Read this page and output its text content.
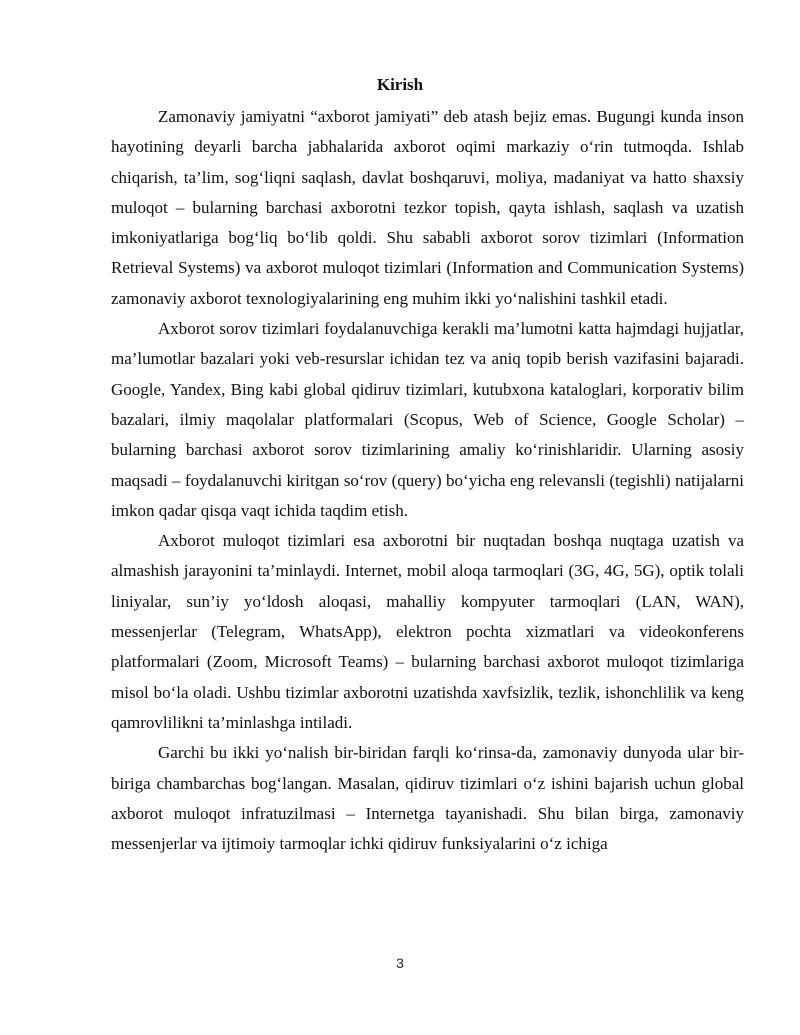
Kirish

Zamonaviy jamiyatni “axborot jamiyati” deb atash bejiz emas. Bugungi kunda inson hayotining deyarli barcha jabhalarida axborot oqimi markaziy o‘rin tutmoqda. Ishlab chiqarish, ta’lim, sog‘liqni saqlash, davlat boshqaruvi, moliya, madaniyat va hatto shaxsiy muloqot – bularning barchasi axborotni tezkor topish, qayta ishlash, saqlash va uzatish imkoniyatlariga bog‘liq bo‘lib qoldi. Shu sababli axborot sorov tizimlari (Information Retrieval Systems) va axborot muloqot tizimlari (Information and Communication Systems) zamonaviy axborot texnologiyalarining eng muhim ikki yo‘nalishini tashkil etadi.

Axborot sorov tizimlari foydalanuvchiga kerakli ma’lumotni katta hajmdagi hujjatlar, ma’lumotlar bazalari yoki veb-resurslar ichidan tez va aniq topib berish vazifasini bajaradi. Google, Yandex, Bing kabi global qidiruv tizimlari, kutubxona kataloglari, korporativ bilim bazalari, ilmiy maqolalar platformalari (Scopus, Web of Science, Google Scholar) – bularning barchasi axborot sorov tizimlarining amaliy ko‘rinishlaridir. Ularning asosiy maqsadi – foydalanuvchi kiritgan so‘rov (query) bo‘yicha eng relevansli (tegishli) natijalarni imkon qadar qisqa vaqt ichida taqdim etish.

Axborot muloqot tizimlari esa axborotni bir nuqtadan boshqa nuqtaga uzatish va almashish jarayonini ta’minlaydi. Internet, mobil aloqa tarmoqlari (3G, 4G, 5G), optik tolali liniyalar, sun’iy yo‘ldosh aloqasi, mahalliy kompyuter tarmoqlari (LAN, WAN), messenjerlar (Telegram, WhatsApp), elektron pochta xizmatlari va videokonferens platformalari (Zoom, Microsoft Teams) – bularning barchasi axborot muloqot tizimlariga misol bo‘la oladi. Ushbu tizimlar axborotni uzatishda xavfsizlik, tezlik, ishonchlilik va keng qamrovlilikni ta’minlashga intiladi.

Garchi bu ikki yo‘nalish bir-biridan farqli ko‘rinsa-da, zamonaviy dunyoda ular bir-biriga chambarchas bog‘langan. Masalan, qidiruv tizimlari o‘z ishini bajarish uchun global axborot muloqot infratuzilmasi – Internetga tayanishadi. Shu bilan birga, zamonaviy messenjerlar va ijtimoiy tarmoqlar ichki qidiruv funksiyalarini o‘z ichiga

3
